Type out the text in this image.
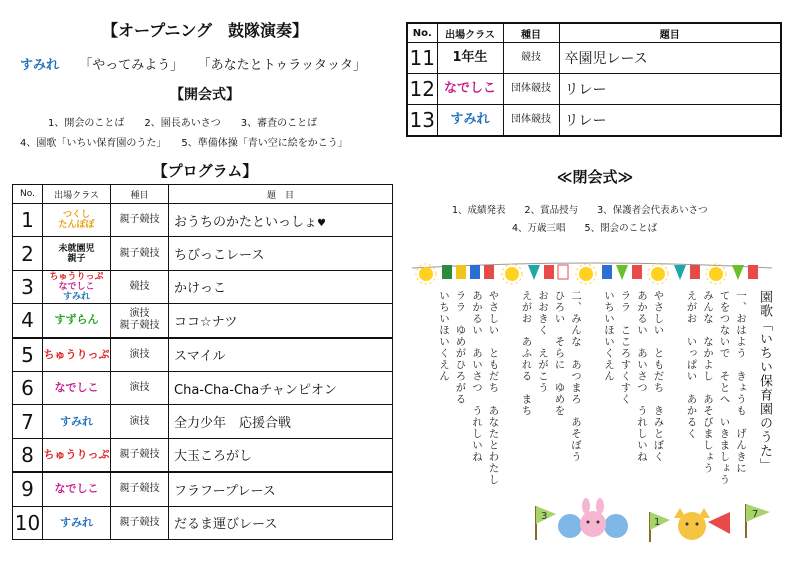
【オープニング　鼓隊演奏】
すみれ 「やってみよう」 「あなたとトゥラッタッタ」
【開会式】
1、開会のことば　　2、園長あいさつ　　3、審査のことば
4、園歌「いちい保育園のうた」　　5、準備体操「青い空に絵をかこう」
【プログラム】
No.	出場クラス	種目	題　目
1	つくし
たんぽぽ	親子競技	おうちのかたといっしょ♥
2	未就園児
親子	親子競技	ちびっこレース
3	ちゅうりっぷ
なでしこ
すみれ	競技	かけっこ
4	すずらん	演技
親子競技	ココ☆ナツ
5	ちゅうりっぷ	演技	スマイル
6	なでしこ	演技	Cha-Cha-Chaチャンピオン
7	すみれ	演技	全力少年　応援合戦
8	ちゅうりっぷ	親子競技	大玉ころがし
9	なでしこ	親子競技	フラフープレース
10	すみれ	親子競技	だるま運びレース
No.	出場クラス	種目	題目
11	1年生	競技	卒園児レース
12	なでしこ	団体競技	リレー
13	すみれ	団体競技	リレー
≪閉会式≫
1、成績発表　　2、賞品授与　　3、保護者会代表あいさつ
4、万歳三唱　　5、閉会のことば
園歌「いちい保育園のうた」
一、おはよう　きょうも　げんきに
てをつないで　そとへ　いきましょう
みんな　なかよし　あそびましょう
えがお　いっぱい　あかるく
やさしい　ともだち　きみとぼく
あかるい　あいさつ　うれしいね
ララ　こころすくすく
いちいほいくえん
二、みんな　あつまろ　あそぼう
ひろい　そらに　ゆめを
おおきく　えがこう
えがお　あふれる　まち
やさしい　ともだち　あなたとわたし
あかるい　あいさつ　うれしいね
ララ　ゆめがひろがる
いちいほいくえん
3
1
7
